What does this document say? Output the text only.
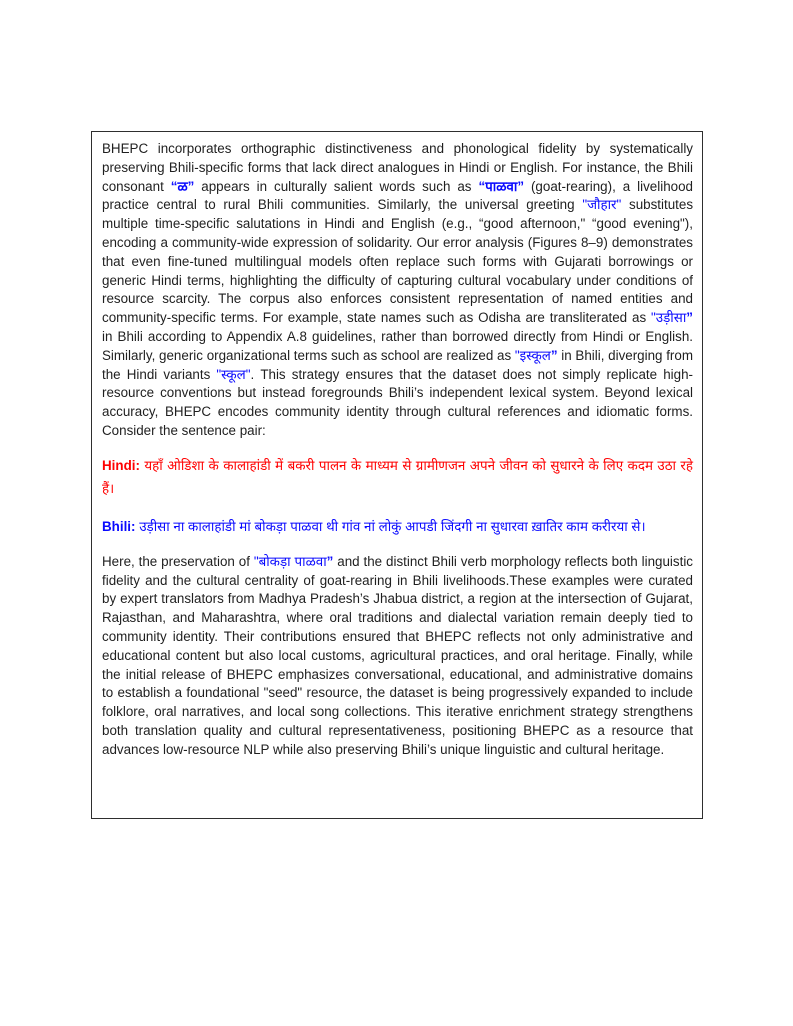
BHEPC incorporates orthographic distinctiveness and phonological fidelity by systematically preserving Bhili-specific forms that lack direct analogues in Hindi or English. For instance, the Bhili consonant “ळ” appears in culturally salient words such as “पाळवा” (goat-rearing), a livelihood practice central to rural Bhili communities. Similarly, the universal greeting "जौहार" substitutes multiple time-specific salutations in Hindi and English (e.g., “good afternoon," “good evening"), encoding a community-wide expression of solidarity. Our error analysis (Figures 8–9) demonstrates that even fine-tuned multilingual models often replace such forms with Gujarati borrowings or generic Hindi terms, highlighting the difficulty of capturing cultural vocabulary under conditions of resource scarcity. The corpus also enforces consistent representation of named entities and community-specific terms. For example, state names such as Odisha are transliterated as "उड़ीसा” in Bhili according to Appendix A.8 guidelines, rather than borrowed directly from Hindi or English. Similarly, generic organizational terms such as school are realized as "इस्कूल” in Bhili, diverging from the Hindi variants "स्कूल". This strategy ensures that the dataset does not simply replicate high-resource conventions but instead foregrounds Bhili’s independent lexical system. Beyond lexical accuracy, BHEPC encodes community identity through cultural references and idiomatic forms. Consider the sentence pair:

Hindi: यहाँ ओडिशा के कालाहांडी में बकरी पालन के माध्यम से ग्रामीणजन अपने जीवन को सुधारने के लिए कदम उठा रहे हैं।

Bhili: उड़ीसा ना कालाहांडी मां बोकड़ा पाळवा थी गांव नां लोकुं आपडी जिंदगी ना सुधारवा ख़ातिर काम करीरया से।

Here, the preservation of "बोकड़ा पाळवा” and the distinct Bhili verb morphology reflects both linguistic fidelity and the cultural centrality of goat-rearing in Bhili livelihoods.These examples were curated by expert translators from Madhya Pradesh’s Jhabua district, a region at the intersection of Gujarat, Rajasthan, and Maharashtra, where oral traditions and dialectal variation remain deeply tied to community identity. Their contributions ensured that BHEPC reflects not only administrative and educational content but also local customs, agricultural practices, and oral heritage. Finally, while the initial release of BHEPC emphasizes conversational, educational, and administrative domains to establish a foundational "seed" resource, the dataset is being progressively expanded to include folklore, oral narratives, and local song collections. This iterative enrichment strategy strengthens both translation quality and cultural representativeness, positioning BHEPC as a resource that advances low-resource NLP while also preserving Bhili’s unique linguistic and cultural heritage.
